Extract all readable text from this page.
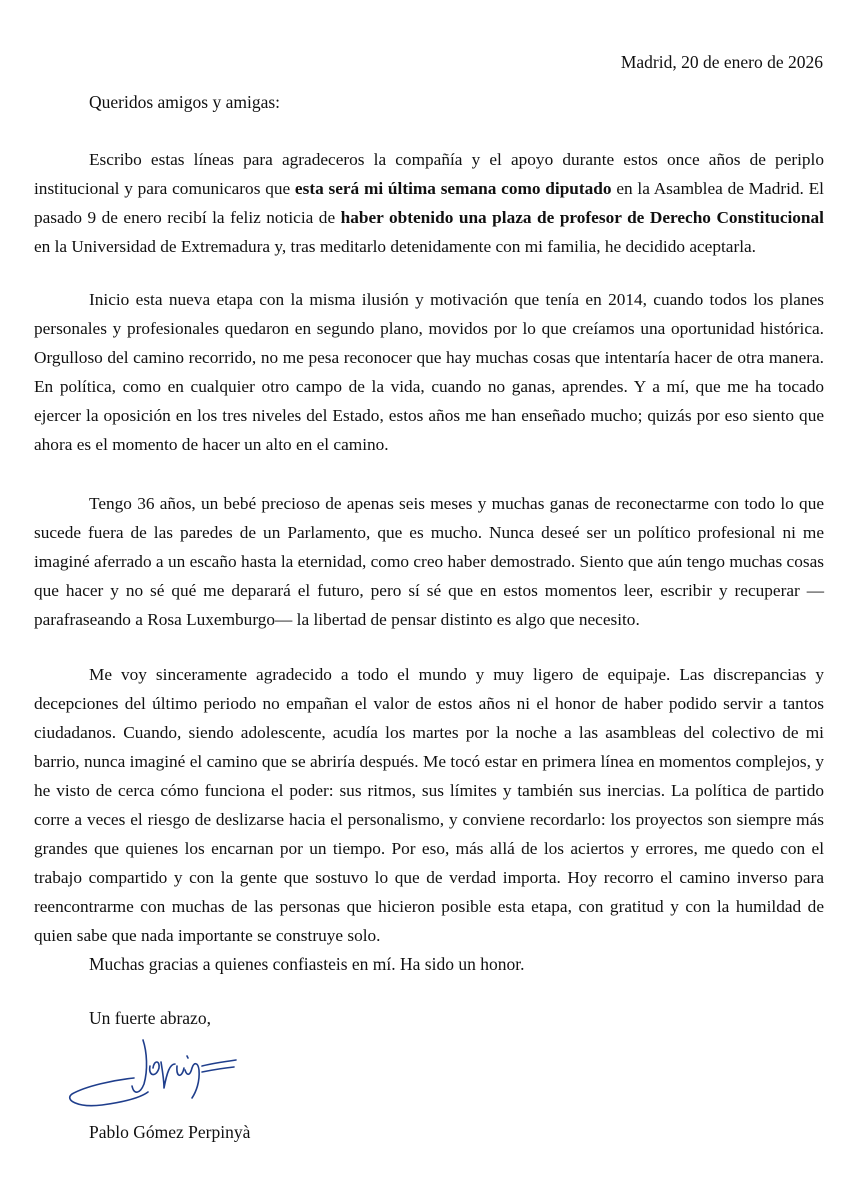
Madrid, 20 de enero de 2026
Queridos amigos y amigas:
Escribo estas líneas para agradeceros la compañía y el apoyo durante estos once años de periplo institucional y para comunicaros que esta será mi última semana como diputado en la Asamblea de Madrid. El pasado 9 de enero recibí la feliz noticia de haber obtenido una plaza de profesor de Derecho Constitucional en la Universidad de Extremadura y, tras meditarlo detenidamente con mi familia, he decidido aceptarla.
Inicio esta nueva etapa con la misma ilusión y motivación que tenía en 2014, cuando todos los planes personales y profesionales quedaron en segundo plano, movidos por lo que creíamos una oportunidad histórica. Orgulloso del camino recorrido, no me pesa reconocer que hay muchas cosas que intentaría hacer de otra manera. En política, como en cualquier otro campo de la vida, cuando no ganas, aprendes. Y a mí, que me ha tocado ejercer la oposición en los tres niveles del Estado, estos años me han enseñado mucho; quizás por eso siento que ahora es el momento de hacer un alto en el camino.
Tengo 36 años, un bebé precioso de apenas seis meses y muchas ganas de reconectarme con todo lo que sucede fuera de las paredes de un Parlamento, que es mucho. Nunca deseé ser un político profesional ni me imaginé aferrado a un escaño hasta la eternidad, como creo haber demostrado. Siento que aún tengo muchas cosas que hacer y no sé qué me deparará el futuro, pero sí sé que en estos momentos leer, escribir y recuperar —parafraseando a Rosa Luxemburgo— la libertad de pensar distinto es algo que necesito.
Me voy sinceramente agradecido a todo el mundo y muy ligero de equipaje. Las discrepancias y decepciones del último periodo no empañan el valor de estos años ni el honor de haber podido servir a tantos ciudadanos. Cuando, siendo adolescente, acudía los martes por la noche a las asambleas del colectivo de mi barrio, nunca imaginé el camino que se abriría después. Me tocó estar en primera línea en momentos complejos, y he visto de cerca cómo funciona el poder: sus ritmos, sus límites y también sus inercias. La política de partido corre a veces el riesgo de deslizarse hacia el personalismo, y conviene recordarlo: los proyectos son siempre más grandes que quienes los encarnan por un tiempo. Por eso, más allá de los aciertos y errores, me quedo con el trabajo compartido y con la gente que sostuvo lo que de verdad importa. Hoy recorro el camino inverso para reencontrarme con muchas de las personas que hicieron posible esta etapa, con gratitud y con la humildad de quien sabe que nada importante se construye solo.
Muchas gracias a quienes confiasteis en mí. Ha sido un honor.
Un fuerte abrazo,
Pablo Gómez Perpinyà
